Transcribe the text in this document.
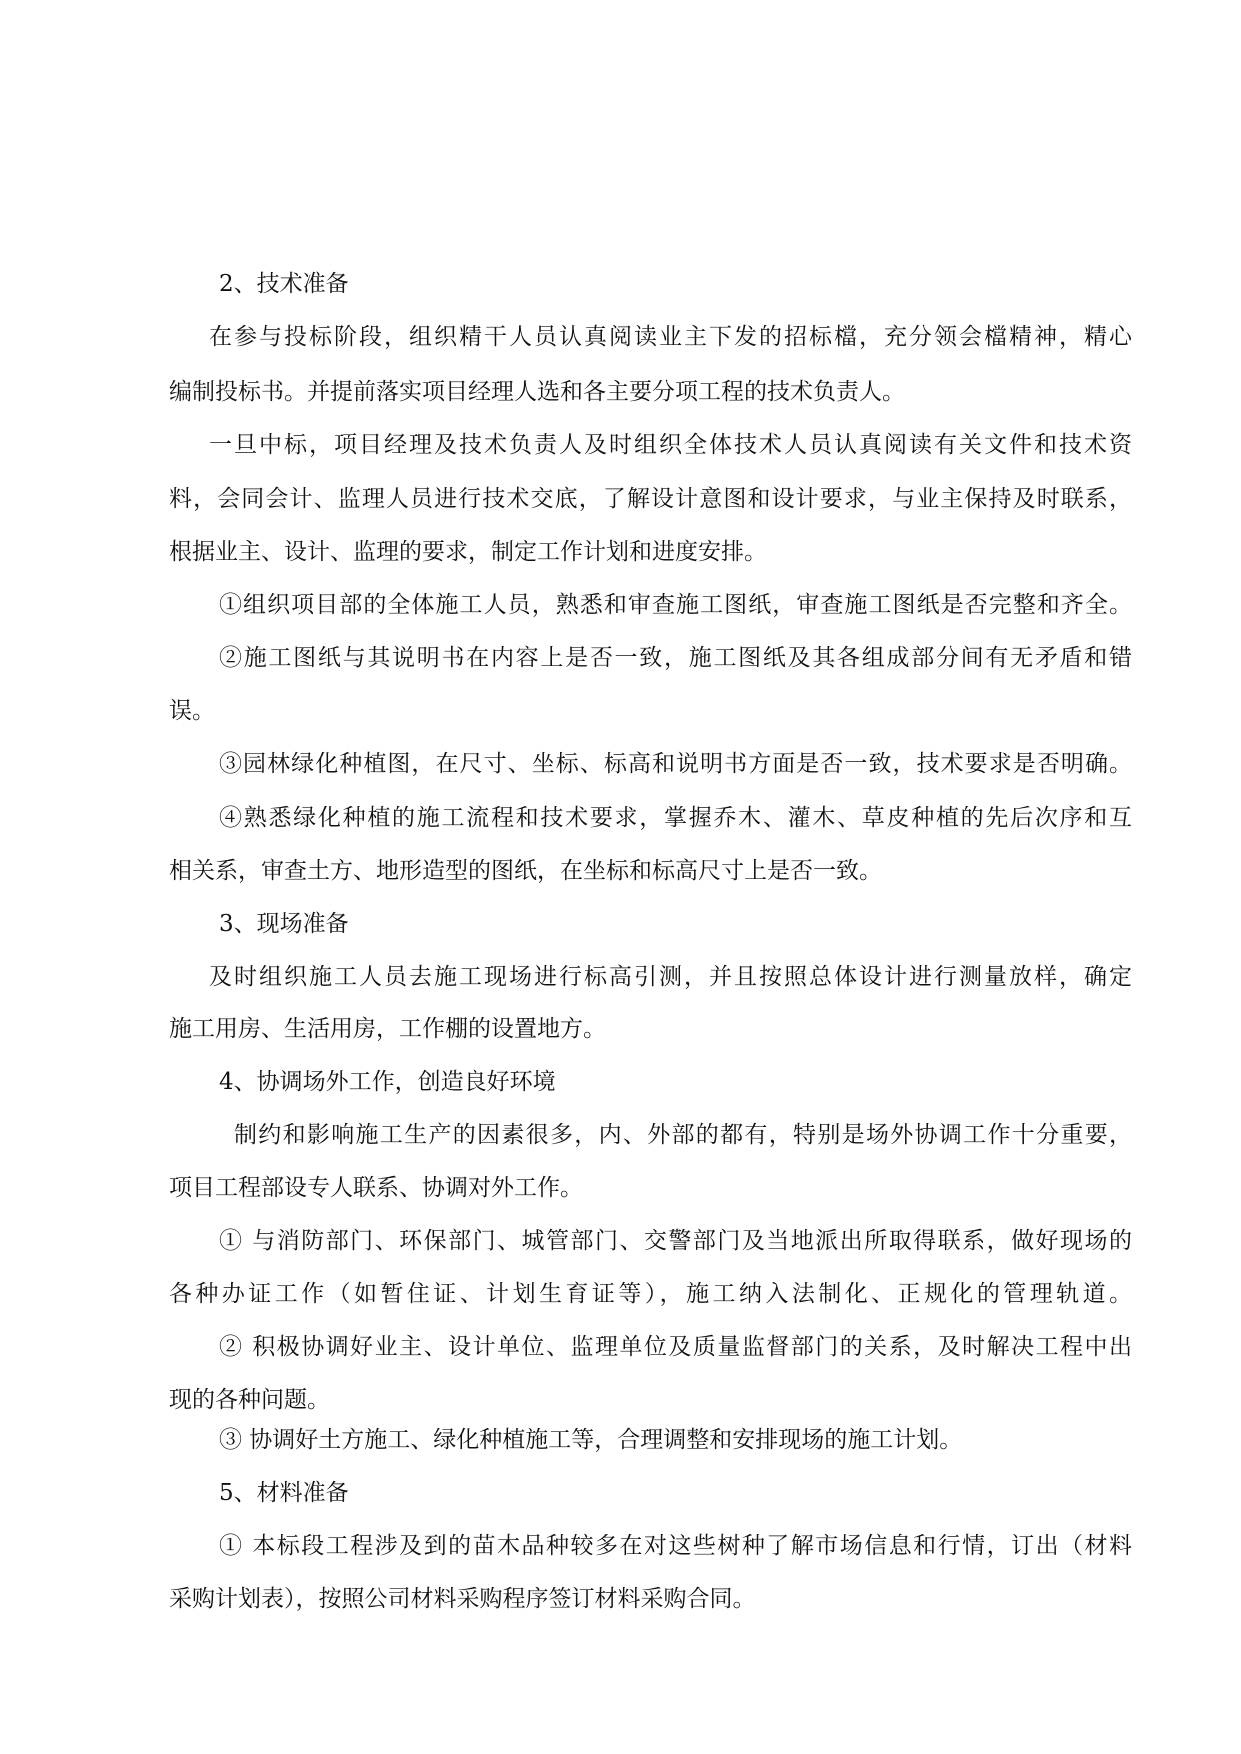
2、技术准备
在参与投标阶段，组织精干人员认真阅读业主下发的招标檔，充分领会檔精神，精心
编制投标书。并提前落实项目经理人选和各主要分项工程的技术负责人。
一旦中标，项目经理及技术负责人及时组织全体技术人员认真阅读有关文件和技术资
料，会同会计、监理人员进行技术交底，了解设计意图和设计要求，与业主保持及时联系，
根据业主、设计、监理的要求，制定工作计划和进度安排。
①组织项目部的全体施工人员，熟悉和审查施工图纸，审查施工图纸是否完整和齐全。
②施工图纸与其说明书在内容上是否一致，施工图纸及其各组成部分间有无矛盾和错
误。
③园林绿化种植图，在尺寸、坐标、标高和说明书方面是否一致，技术要求是否明确。
④熟悉绿化种植的施工流程和技术要求，掌握乔木、灌木、草皮种植的先后次序和互
相关系，审查土方、地形造型的图纸，在坐标和标高尺寸上是否一致。
3、现场准备
及时组织施工人员去施工现场进行标高引测，并且按照总体设计进行测量放样，确定
施工用房、生活用房，工作棚的设置地方。
4、协调场外工作，创造良好环境
制约和影响施工生产的因素很多，内、外部的都有，特别是场外协调工作十分重要，
项目工程部设专人联系、协调对外工作。
① 与消防部门、环保部门、城管部门、交警部门及当地派出所取得联系，做好现场的
各种办证工作（如暂住证、计划生育证等），施工纳入法制化、正规化的管理轨道。
② 积极协调好业主、设计单位、监理单位及质量监督部门的关系，及时解决工程中出
现的各种问题。
③ 协调好土方施工、绿化种植施工等，合理调整和安排现场的施工计划。
5、材料准备
① 本标段工程涉及到的苗木品种较多在对这些树种了解市场信息和行情，订出（材料
采购计划表），按照公司材料采购程序签订材料采购合同。
